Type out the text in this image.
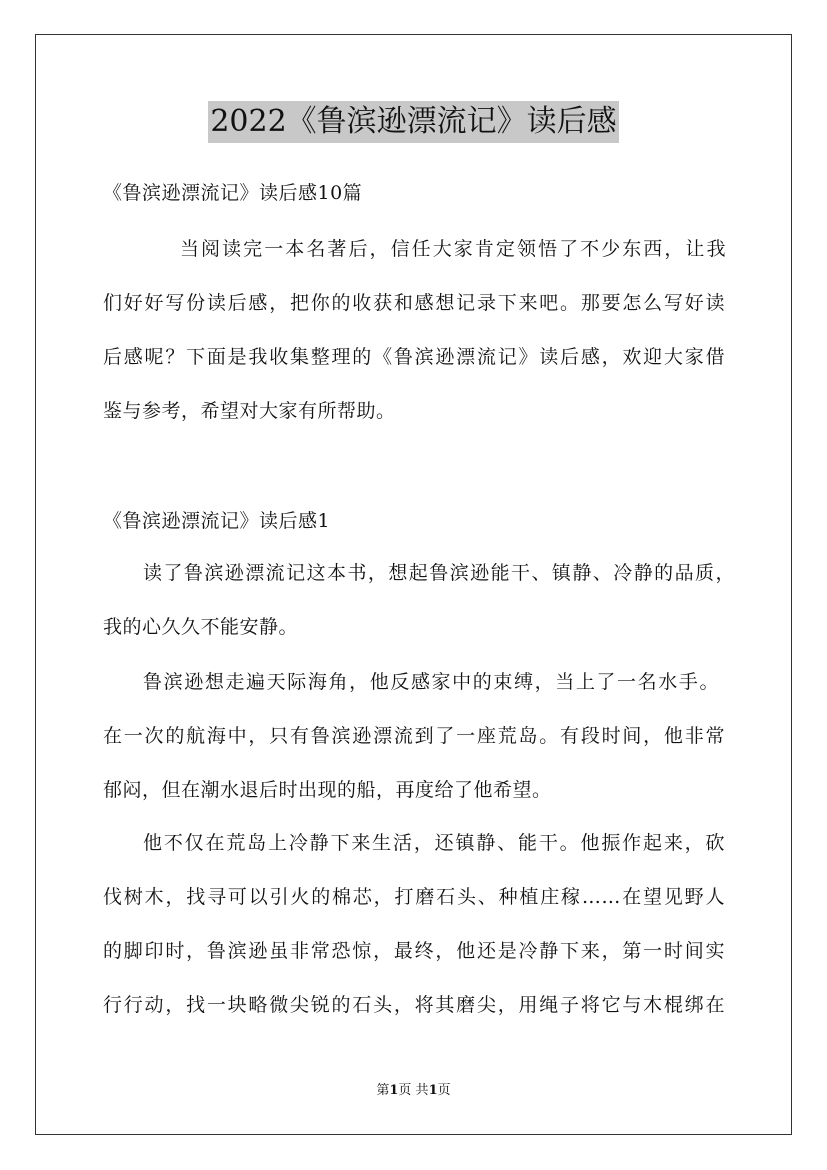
2022《鲁滨逊漂流记》读后感
《鲁滨逊漂流记》读后感10篇
当阅读完一本名著后，信任大家肯定领悟了不少东西，让我
们好好写份读后感，把你的收获和感想记录下来吧。那要怎么写好读
后感呢？下面是我收集整理的《鲁滨逊漂流记》读后感，欢迎大家借
鉴与参考，希望对大家有所帮助。
《鲁滨逊漂流记》读后感1
读了鲁滨逊漂流记这本书，想起鲁滨逊能干、镇静、冷静的品质，
我的心久久不能安静。
鲁滨逊想走遍天际海角，他反感家中的束缚，当上了一名水手。
在一次的航海中，只有鲁滨逊漂流到了一座荒岛。有段时间，他非常
郁闷，但在潮水退后时出现的船，再度给了他希望。
他不仅在荒岛上冷静下来生活，还镇静、能干。他振作起来，砍
伐树木，找寻可以引火的棉芯，打磨石头、种植庄稼……在望见野人
的脚印时，鲁滨逊虽非常恐惊，最终，他还是冷静下来，第一时间实
行行动，找一块略微尖锐的石头，将其磨尖，用绳子将它与木棍绑在
第1页 共1页
